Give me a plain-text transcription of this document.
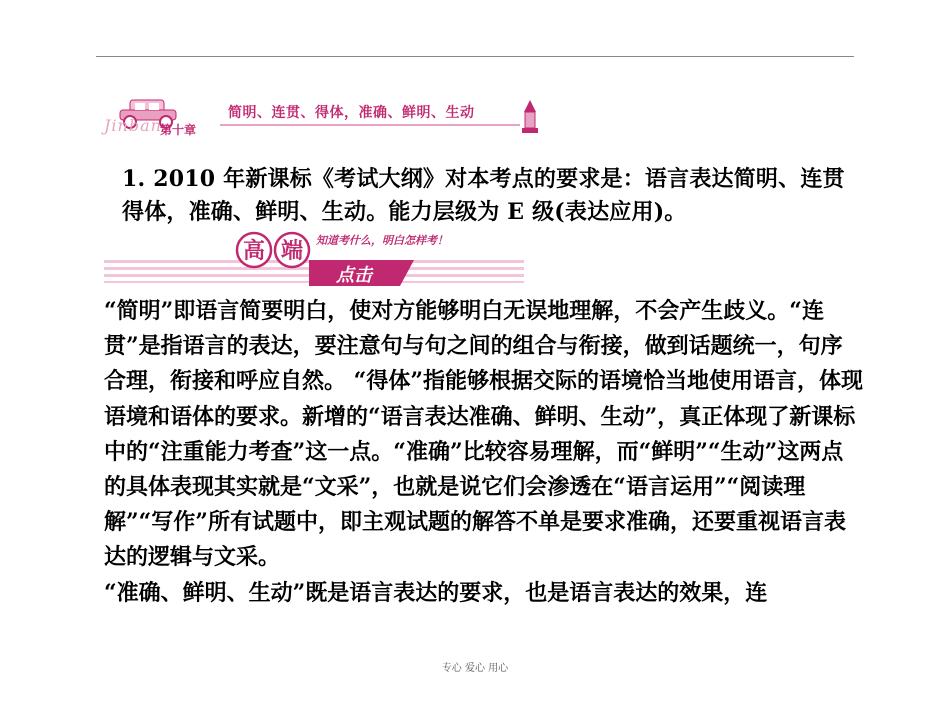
Jinban
第十章
简明、连贯、得体，准确、鲜明、生动
1. 2010 年新课标《考试大纲》对本考点的要求是：语言表达简明、连贯得体，准确、鲜明、生动。能力层级为 E 级(表达应用)。
高 端
点击
知道考什么，明白怎样考！

“简明”即语言简要明白，使对方能够明白无误地理解，不会产生歧义。“连贯”是指语言的表达，要注意句与句之间的组合与衔接，做到话题统一，句序合理，衔接和呼应自然。 “得体”指能够根据交际的语境恰当地使用语言，体现语境和语体的要求。新增的“语言表达准确、鲜明、生动”，真正体现了新课标中的“注重能力考查”这一点。“准确”比较容易理解，而“鲜明”“生动”这两点的具体表现其实就是“文采”，也就是说它们会渗透在“语言运用”“阅读理解”“写作”所有试题中，即主观试题的解答不单是要求准确，还要重视语言表达的逻辑与文采。

“准确、鲜明、生动”既是语言表达的要求，也是语言表达的效果，连

专心 爱心 用心
